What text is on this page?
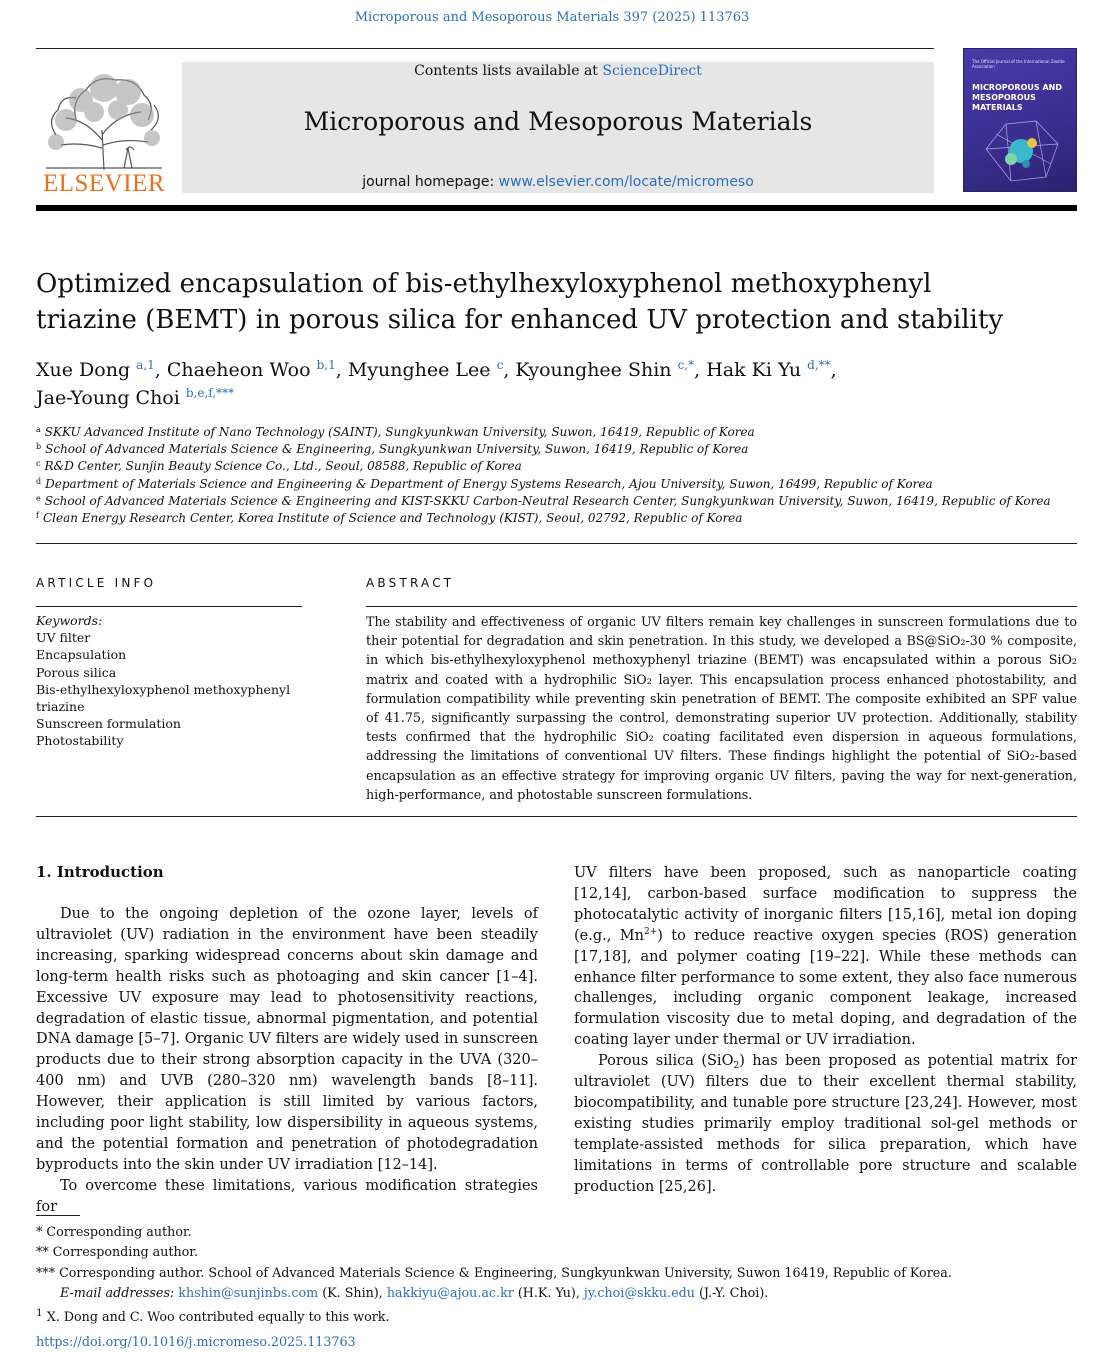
Microporous and Mesoporous Materials 397 (2025) 113763
ELSEVIER
Contents lists available at ScienceDirect
Microporous and Mesoporous Materials
journal homepage: www.elsevier.com/locate/micromeso
The Official Journal of the International Zeolite Association
MICROPOROUS AND MESOPOROUS MATERIALS
Optimized encapsulation of bis-ethylhexyloxyphenol methoxyphenyl triazine (BEMT) in porous silica for enhanced UV protection and stability
Xue Dong $^{a,1}$, Chaeheon Woo $^{b,1}$, Myunghee Lee $^c$, Kyounghee Shin $^{c,*}$, Hak Ki Yu $^{d,**}$,
Jae-Young Choi $^{b,e,f,***}$
$^a$ SKKU Advanced Institute of Nano Technology (SAINT), Sungkyunkwan University, Suwon, 16419, Republic of Korea
$^b$ School of Advanced Materials Science & Engineering, Sungkyunkwan University, Suwon, 16419, Republic of Korea
$^c$ R&D Center, Sunjin Beauty Science Co., Ltd., Seoul, 08588, Republic of Korea
$^d$ Department of Materials Science and Engineering & Department of Energy Systems Research, Ajou University, Suwon, 16499, Republic of Korea
$^e$ School of Advanced Materials Science & Engineering and KIST-SKKU Carbon-Neutral Research Center, Sungkyunkwan University, Suwon, 16419, Republic of Korea
$^f$ Clean Energy Research Center, Korea Institute of Science and Technology (KIST), Seoul, 02792, Republic of Korea
ARTICLE INFO
Keywords:
UV filter
Encapsulation
Porous silica
Bis-ethylhexyloxyphenol methoxyphenyl triazine
Sunscreen formulation
Photostability
ABSTRACT
The stability and effectiveness of organic UV filters remain key challenges in sunscreen formulations due to their potential for degradation and skin penetration. In this study, we developed a BS@SiO₂-30 % composite, in which bis-ethylhexyloxyphenol methoxyphenyl triazine (BEMT) was encapsulated within a porous SiO₂ matrix and coated with a hydrophilic SiO₂ layer. This encapsulation process enhanced photostability, and formulation compatibility while preventing skin penetration of BEMT. The composite exhibited an SPF value of 41.75, significantly surpassing the control, demonstrating superior UV protection. Additionally, stability tests confirmed that the hydrophilic SiO₂ coating facilitated even dispersion in aqueous formulations, addressing the limitations of conventional UV filters. These findings highlight the potential of SiO₂-based encapsulation as an effective strategy for improving organic UV filters, paving the way for next-generation, high-performance, and photostable sunscreen formulations.
1. Introduction

Due to the ongoing depletion of the ozone layer, levels of ultraviolet (UV) radiation in the environment have been steadily increasing, sparking widespread concerns about skin damage and long-term health risks such as photoaging and skin cancer [1–4]. Excessive UV exposure may lead to photosensitivity reactions, degradation of elastic tissue, abnormal pigmentation, and potential DNA damage [5–7]. Organic UV filters are widely used in sunscreen products due to their strong absorption capacity in the UVA (320–400 nm) and UVB (280–320 nm) wavelength bands [8–11]. However, their application is still limited by various factors, including poor light stability, low dispersibility in aqueous systems, and the potential formation and penetration of photodegradation byproducts into the skin under UV irradiation [12–14].

To overcome these limitations, various modification strategies for

UV filters have been proposed, such as nanoparticle coating [12,14], carbon-based surface modification to suppress the photocatalytic activity of inorganic filters [15,16], metal ion doping (e.g., $Mn^{2+}$) to reduce reactive oxygen species (ROS) generation [17,18], and polymer coating [19–22]. While these methods can enhance filter performance to some extent, they also face numerous challenges, including organic component leakage, increased formulation viscosity due to metal doping, and degradation of the coating layer under thermal or UV irradiation.

Porous silica (SiO$_2$) has been proposed as potential matrix for ultraviolet (UV) filters due to their excellent thermal stability, biocompatibility, and tunable pore structure [23,24]. However, most existing studies primarily employ traditional sol-gel methods or template-assisted methods for silica preparation, which have limitations in terms of controllable pore structure and scalable production [25,26].

* Corresponding author.

** Corresponding author.

*** Corresponding author. School of Advanced Materials Science & Engineering, Sungkyunkwan University, Suwon 16419, Republic of Korea.

E-mail addresses: khshin@sunjinbs.com (K. Shin), hakkiyu@ajou.ac.kr (H.K. Yu), jy.choi@skku.edu (J.-Y. Choi).

$^1$ X. Dong and C. Woo contributed equally to this work.

https://doi.org/10.1016/j.micromeso.2025.113763
